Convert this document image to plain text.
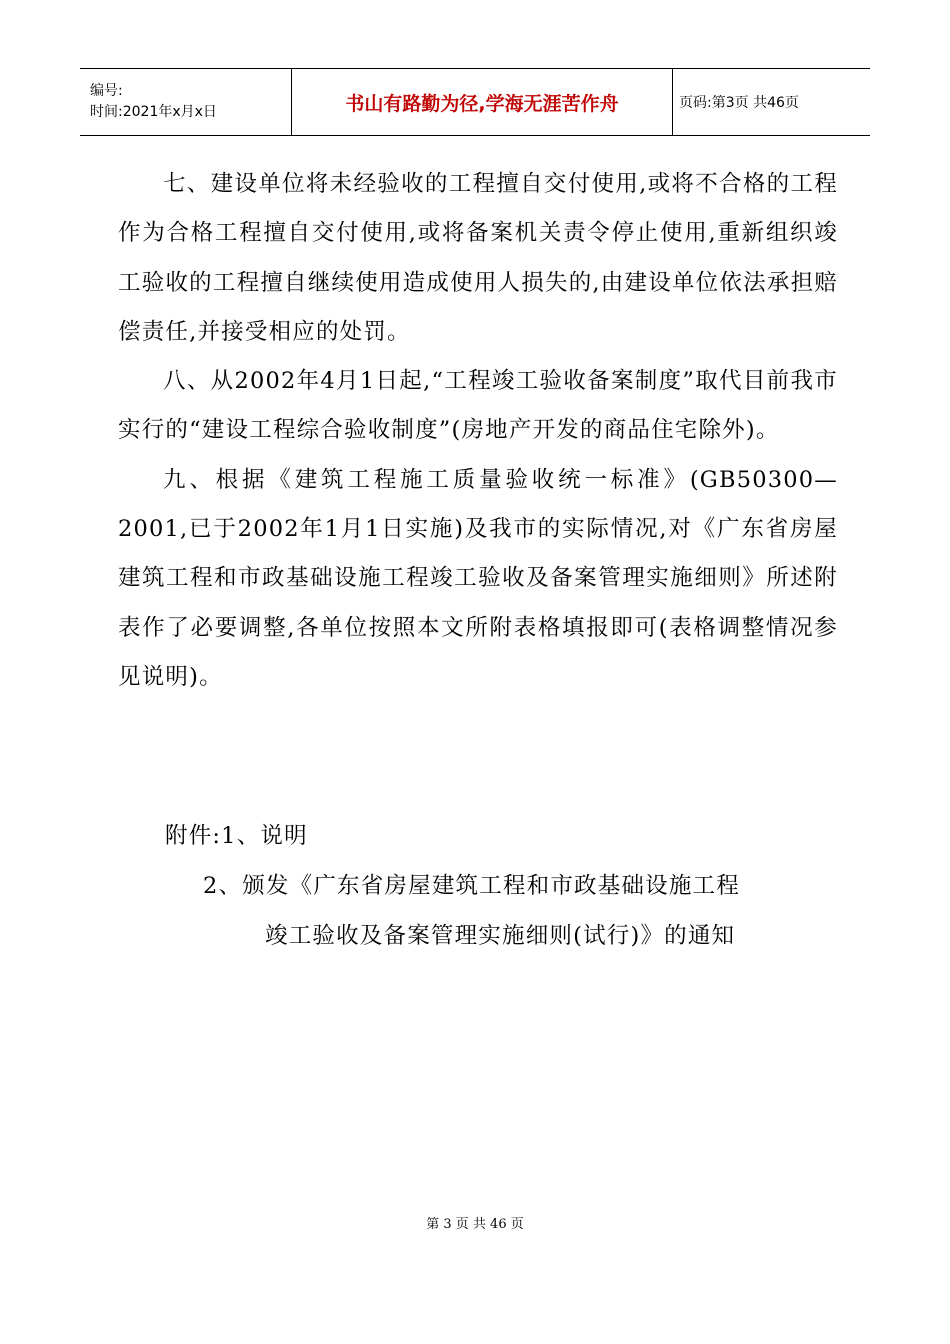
编号:
时间:2021年x月x日	书山有路勤为径,学海无涯苦作舟	页码:第3页 共46页

七、建设单位将未经验收的工程擅自交付使用,或将不合格的工程作为合格工程擅自交付使用,或将备案机关责令停止使用,重新组织竣工验收的工程擅自继续使用造成使用人损失的,由建设单位依法承担赔偿责任,并接受相应的处罚。

八、从2002年4月1日起,“工程竣工验收备案制度”取代目前我市实行的“建设工程综合验收制度”(房地产开发的商品住宅除外)。

九、根据《建筑工程施工质量验收统一标准》(GB50300—2001,已于2002年1月1日实施)及我市的实际情况,对《广东省房屋建筑工程和市政基础设施工程竣工验收及备案管理实施细则》所述附表作了必要调整,各单位按照本文所附表格填报即可(表格调整情况参见说明)。

附件:1、说明
2、颁发《广东省房屋建筑工程和市政基础设施工程
竣工验收及备案管理实施细则(试行)》的通知
第 3 页 共 46 页
